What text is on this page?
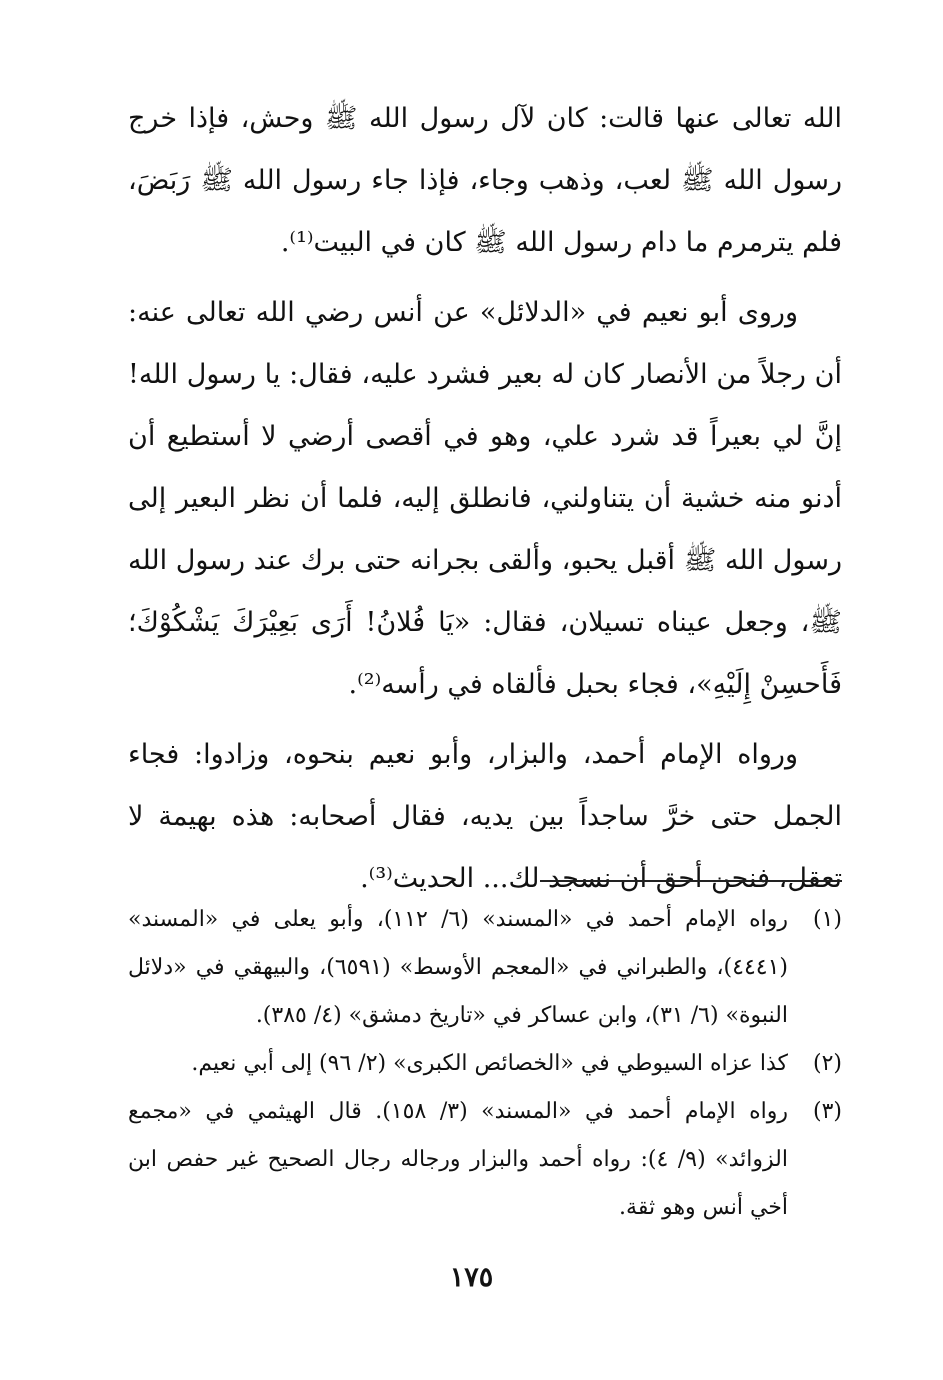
الله تعالى عنها قالت: كان لآل رسول الله ﷺ وحش، فإذا خرج رسول الله ﷺ لعب، وذهب وجاء، فإذا جاء رسول الله ﷺ رَبَضَ، فلم يترمرم ما دام رسول الله ﷺ كان في البيت⁽¹⁾.

وروى أبو نعيم في «الدلائل» عن أنس رضي الله تعالى عنه: أن رجلاً من الأنصار كان له بعير فشرد عليه، فقال: يا رسول الله! إنَّ لي بعيراً قد شرد علي، وهو في أقصى أرضي لا أستطيع أن أدنو منه خشية أن يتناولني، فانطلق إليه، فلما أن نظر البعير إلى رسول الله ﷺ أقبل يحبو، وألقى بجرانه حتى برك عند رسول الله ﷺ، وجعل عيناه تسيلان، فقال: «يَا فُلانُ! أَرَى بَعِيْرَكَ يَشْكُوْكَ؛ فَأَحسِنْ إِلَيْهِ»، فجاء بحبل فألقاه في رأسه⁽²⁾.

ورواه الإمام أحمد، والبزار، وأبو نعيم بنحوه، وزادوا: فجاء الجمل حتى خرَّ ساجداً بين يديه، فقال أصحابه: هذه بهيمة لا تعقل، فنحن أحق أن نسجد لك... الحديث⁽³⁾.

(١)
رواه الإمام أحمد في «المسند» (٦/ ١١٢)، وأبو يعلى في «المسند» (٤٤٤١)، والطبراني في «المعجم الأوسط» (٦٥٩١)، والبيهقي في «دلائل النبوة» (٦/ ٣١)، وابن عساكر في «تاريخ دمشق» (٤/ ٣٨٥).
(٢)
كذا عزاه السيوطي في «الخصائص الكبرى» (٢/ ٩٦) إلى أبي نعيم.
(٣)
رواه الإمام أحمد في «المسند» (٣/ ١٥٨). قال الهيثمي في «مجمع الزوائد» (٩/ ٤): رواه أحمد والبزار ورجاله رجال الصحيح غير حفص ابن أخي أنس وهو ثقة.
١٧٥
